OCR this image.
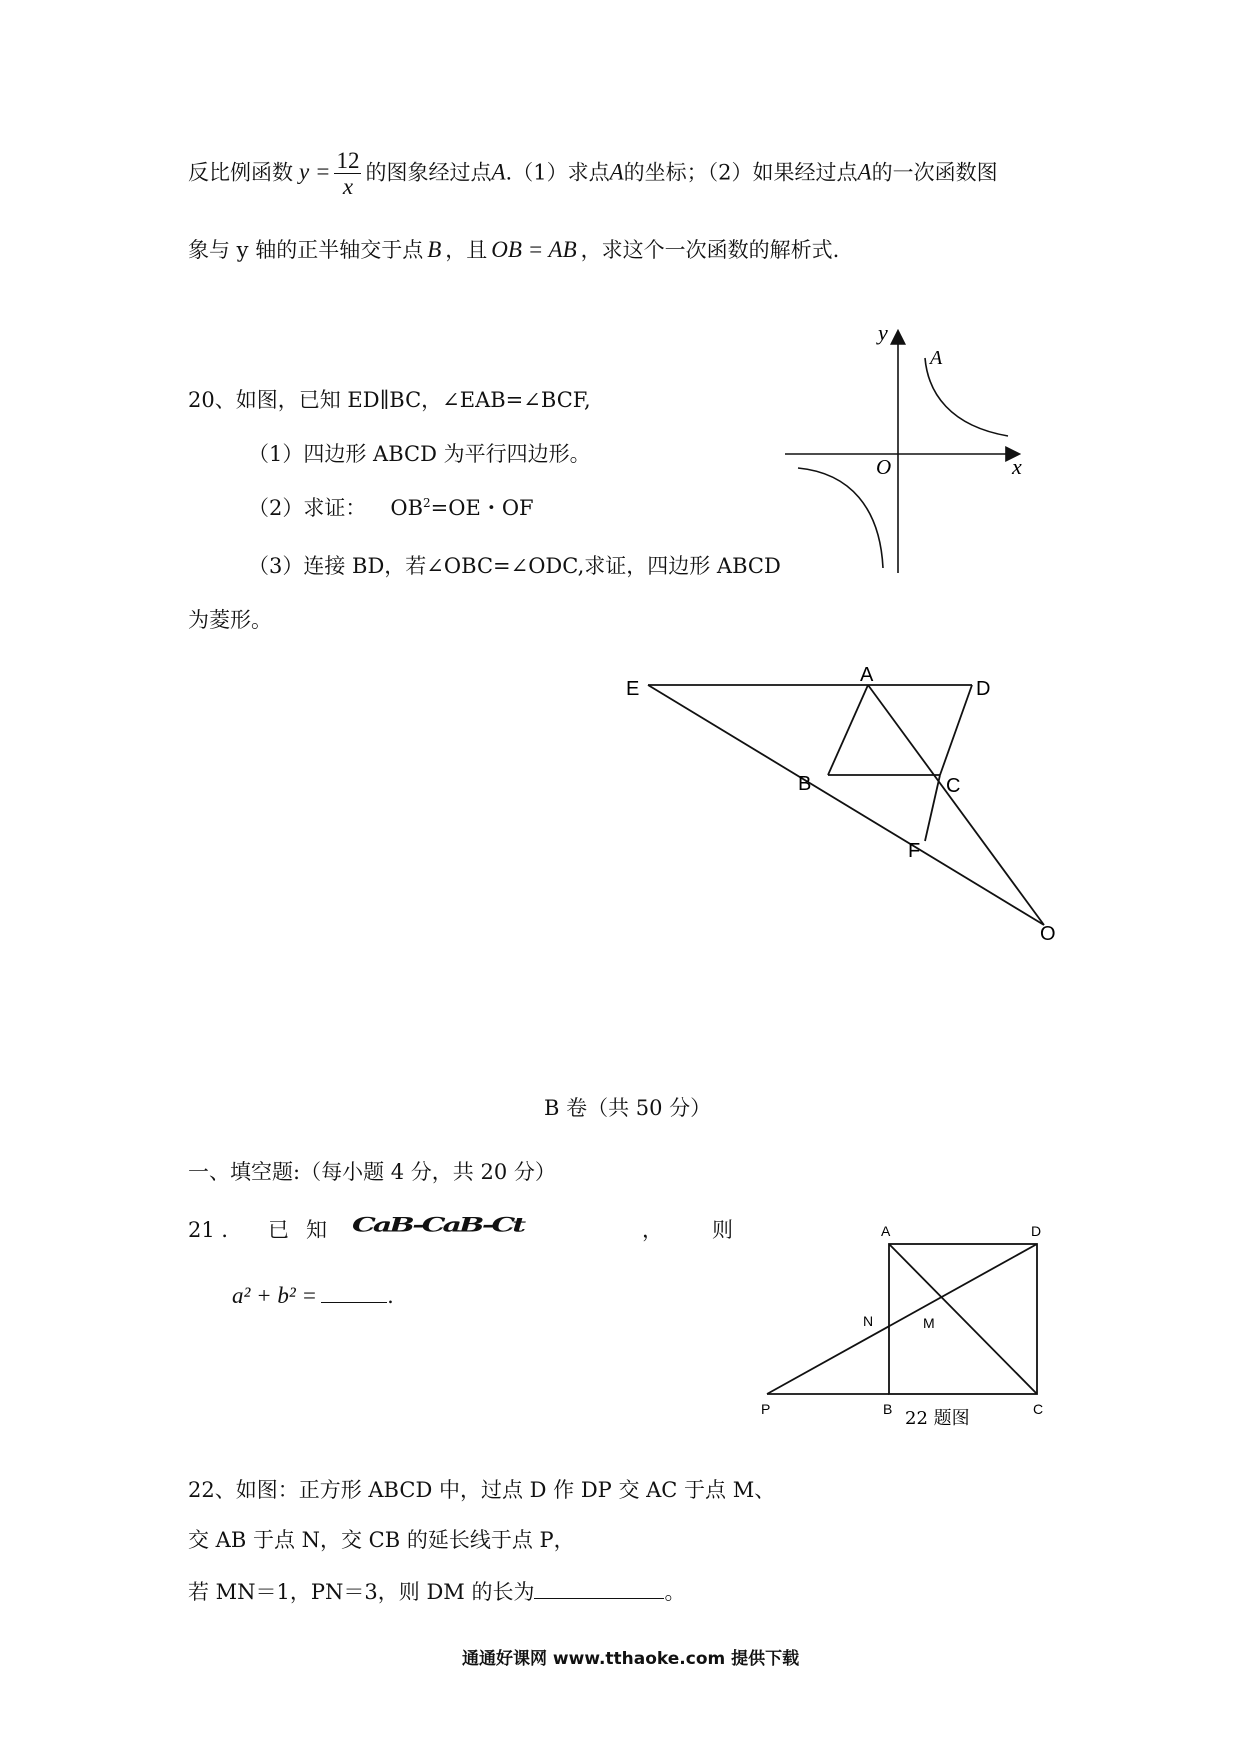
反比例函数 $y = \frac{12}{x}$ 的图象经过点A.（1）求点A的坐标；（2）如果经过点A的一次函数图
象与 y 轴的正半轴交于点 B ，且 OB = AB ，求这个一次函数的解析式.
y
x
O
A
20、如图，已知 ED∥BC，∠EAB=∠BCF,
（1）四边形 ABCD 为平行四边形。
（2）求证： $OB^2=OE$・OF
（3）连接 BD，若∠OBC=∠ODC,求证，四边形 ABCD
为菱形。
E
A
D
B	C
F
O
B 卷（共 50 分）
一、填空题:（每小题 4 分，共 20 分）
21 ． 已 知 CaB-CaB-Ct	， 则
a² + b² =	.
A	D
N	M
P	B	C
22 题图
22、如图：正方形 ABCD 中，过点 D 作 DP 交 AC 于点 M、
交 AB 于点 N，交 CB 的延长线于点 P，
若 MN＝1，PN＝3，则 DM 的长为	。
通通好课网 www.tthaoke.com 提供下载
